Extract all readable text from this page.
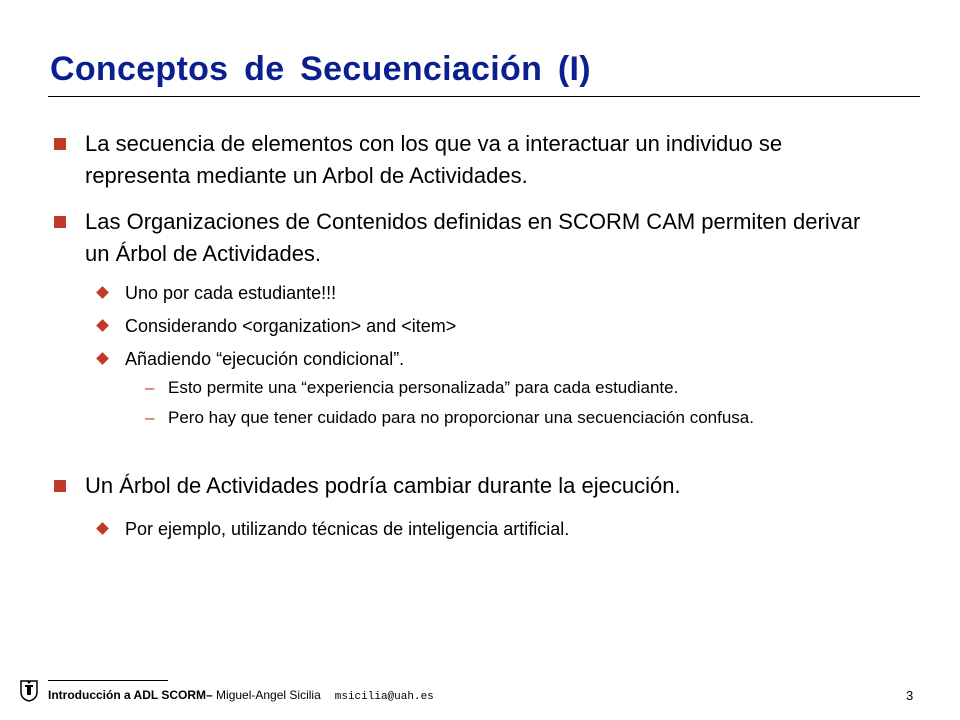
Conceptos de Secuenciación (I)
La secuencia de elementos con los que va a interactuar un individuo se representa mediante un Arbol de Actividades.
Las Organizaciones de Contenidos definidas en SCORM CAM permiten derivar un Árbol de Actividades.
Uno por cada estudiante!!!
Considerando <organization> and <item>
Añadiendo “ejecución condicional”.
– Esto permite una “experiencia personalizada” para cada estudiante.
– Pero hay que tener cuidado para no proporcionar una secuenciación confusa.
Un Árbol de Actividades podría cambiar durante la ejecución.
Por ejemplo, utilizando técnicas de inteligencia artificial.
Introducción a ADL SCORM– Miguel-Angel Sicilia msicilia@uah.es	3
